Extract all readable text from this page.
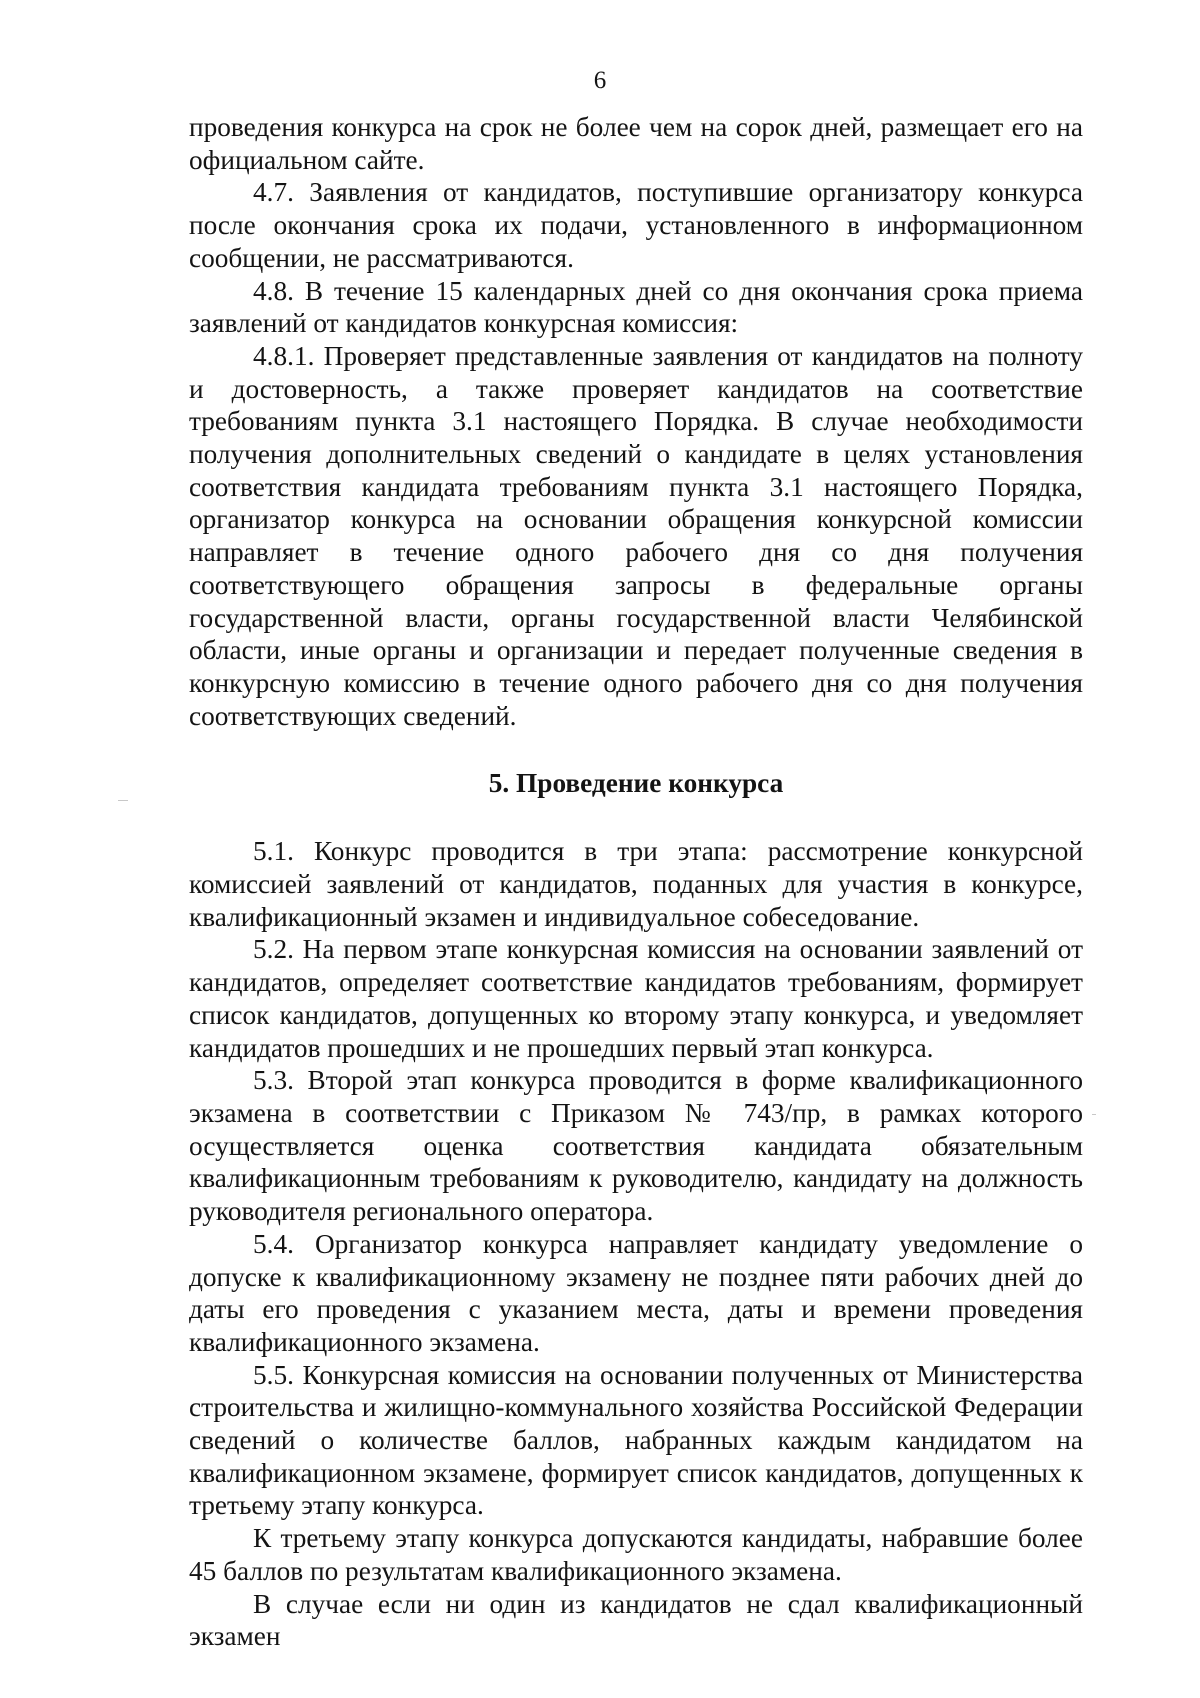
6

проведения конкурса на срок не более чем на сорок дней, размещает его на официальном сайте.

4.7. Заявления от кандидатов, поступившие организатору конкурса после окончания срока их подачи, установленного в информационном сообщении, не рассматриваются.

4.8. В течение 15 календарных дней со дня окончания срока приема заявлений от кандидатов конкурсная комиссия:

4.8.1. Проверяет представленные заявления от кандидатов на полноту и достоверность, а также проверяет кандидатов на соответствие требованиям пункта 3.1 настоящего Порядка. В случае необходимости получения дополнительных сведений о кандидате в целях установления соответствия кандидата требованиям пункта 3.1 настоящего Порядка, организатор конкурса на основании обращения конкурсной комиссии направляет в течение одного рабочего дня со дня получения соответствующего обращения запросы в федеральные органы государственной власти, органы государственной власти Челябинской области, иные органы и организации и передает полученные сведения в конкурсную комиссию в течение одного рабочего дня со дня получения соответствующих сведений.

5. Проведение конкурса

5.1. Конкурс проводится в три этапа: рассмотрение конкурсной комиссией заявлений от кандидатов, поданных для участия в конкурсе, квалификационный экзамен и индивидуальное собеседование.

5.2. На первом этапе конкурсная комиссия на основании заявлений от кандидатов, определяет соответствие кандидатов требованиям, формирует список кандидатов, допущенных ко второму этапу конкурса, и уведомляет кандидатов прошедших и не прошедших первый этап конкурса.

5.3. Второй этап конкурса проводится в форме квалификационного экзамена в соответствии с Приказом № 743/пр, в рамках которого осуществляется оценка соответствия кандидата обязательным квалификационным требованиям к руководителю, кандидату на должность руководителя регионального оператора.

5.4. Организатор конкурса направляет кандидату уведомление о допуске к квалификационному экзамену не позднее пяти рабочих дней до даты его проведения с указанием места, даты и времени проведения квалификационного экзамена.

5.5. Конкурсная комиссия на основании полученных от Министерства строительства и жилищно-коммунального хозяйства Российской Федерации сведений о количестве баллов, набранных каждым кандидатом на квалификационном экзамене, формирует список кандидатов, допущенных к третьему этапу конкурса.

К третьему этапу конкурса допускаются кандидаты, набравшие более 45 баллов по результатам квалификационного экзамена.

В случае если ни один из кандидатов не сдал квалификационный экзамен
